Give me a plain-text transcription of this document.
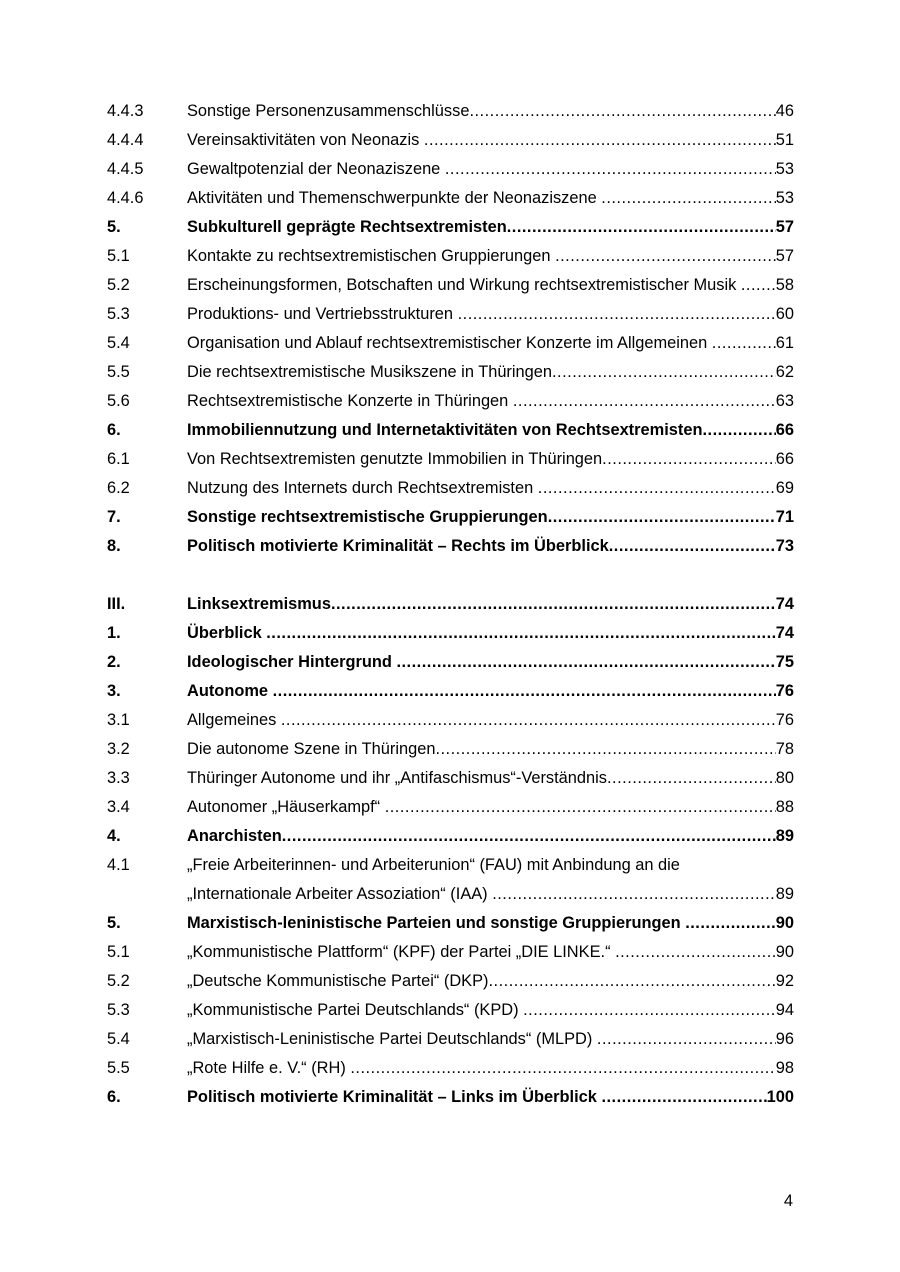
4.4.3	Sonstige Personenzusammenschlüsse .....	46
4.4.4	Vereinsaktivitäten von Neonazis .....	51
4.4.5	Gewaltpotenzial der Neonaziszene .....	53
4.4.6	Aktivitäten und Themenschwerpunkte der Neonaziszene .....	53
5.	Subkulturell geprägte Rechtsextremisten .....	57
5.1	Kontakte zu rechtsextremistischen Gruppierungen .....	57
5.2	Erscheinungsformen, Botschaften und Wirkung rechtsextremistischer Musik ..... 58
5.3	Produktions- und Vertriebsstrukturen .....	60
5.4	Organisation und Ablauf rechtsextremistischer Konzerte im Allgemeinen .....	61
5.5	Die rechtsextremistische Musikszene in Thüringen .....	62
5.6	Rechtsextremistische Konzerte in Thüringen .....	63
6.	Immobiliennutzung und Internetaktivitäten von Rechtsextremisten .....	66
6.1	Von Rechtsextremisten genutzte Immobilien in Thüringen .....	66
6.2	Nutzung des Internets durch Rechtsextremisten .....	69
7.	Sonstige rechtsextremistische Gruppierungen .....	71
8.	Politisch motivierte Kriminalität – Rechts im Überblick .....	73
III.	Linksextremismus .....	74
1.	Überblick .....	74
2.	Ideologischer Hintergrund .....	75
3.	Autonome .....	76
3.1	Allgemeines .....	76
3.2	Die autonome Szene in Thüringen .....	78
3.3	Thüringer Autonome und ihr „Antifaschismus“-Verständnis .....	80
3.4	Autonomer „Häuserkampf“ .....	88
4.	Anarchisten .....	89
4.1	„Freie Arbeiterinnen- und Arbeiterunion“ (FAU) mit Anbindung an die
„Internationale Arbeiter Assoziation“ (IAA) .....	89
5.	Marxistisch-leninistische Parteien und sonstige Gruppierungen .....	90
5.1	„Kommunistische Plattform“ (KPF) der Partei „DIE LINKE.“ .....	90
5.2	„Deutsche Kommunistische Partei“ (DKP) .....	92
5.3	„Kommunistische Partei Deutschlands“ (KPD) .....	94
5.4	„Marxistisch-Leninistische Partei Deutschlands“ (MLPD) .....	96
5.5	„Rote Hilfe e. V.“ (RH) .....	98
6.	Politisch motivierte Kriminalität – Links im Überblick .....	100
4
